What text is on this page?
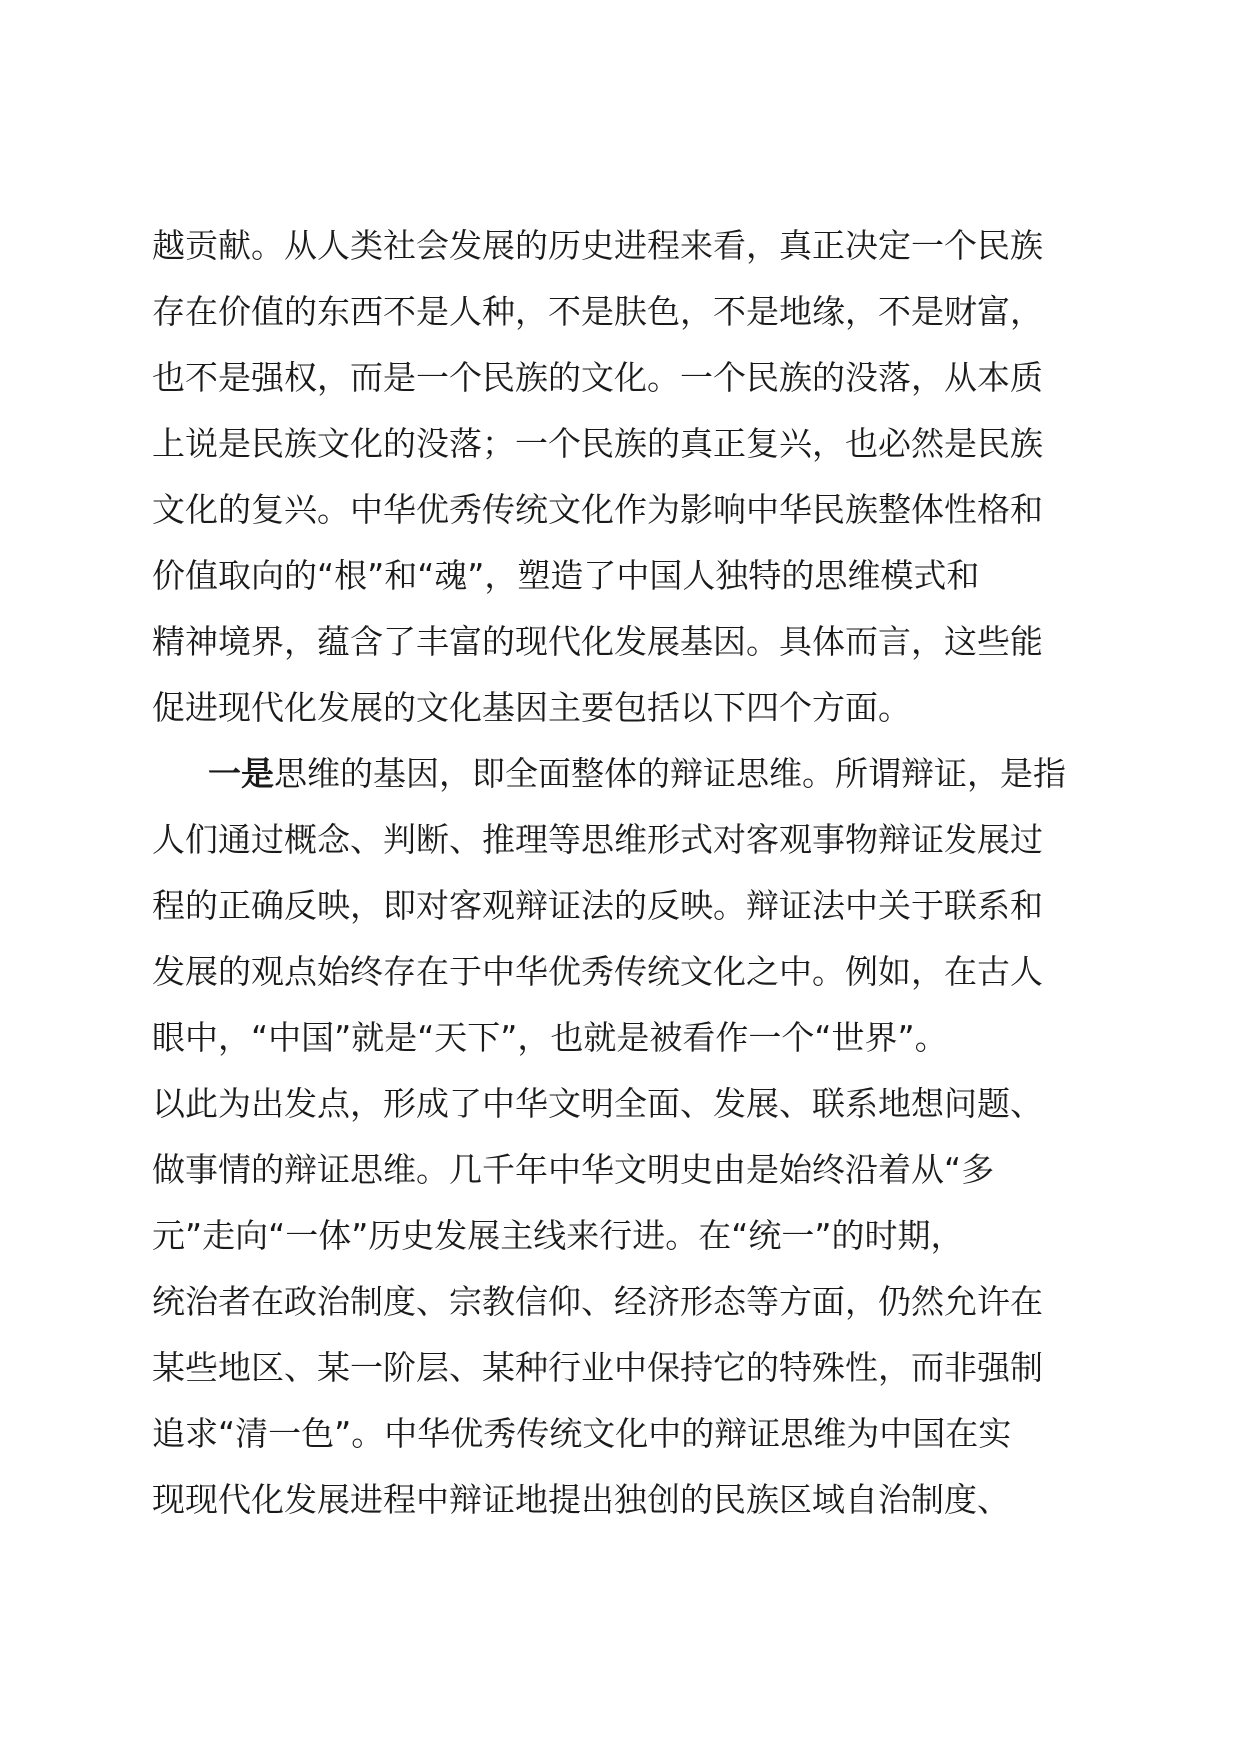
越贡献。从人类社会发展的历史进程来看，真正决定一个民族
存在价值的东西不是人种，不是肤色，不是地缘，不是财富，
也不是强权，而是一个民族的文化。一个民族的没落，从本质
上说是民族文化的没落；一个民族的真正复兴，也必然是民族
文化的复兴。中华优秀传统文化作为影响中华民族整体性格和
价值取向的“根”和“魂”，塑造了中国人独特的思维模式和
精神境界，蕴含了丰富的现代化发展基因。具体而言，这些能
促进现代化发展的文化基因主要包括以下四个方面。
一是思维的基因，即全面整体的辩证思维。所谓辩证，是指
人们通过概念、判断、推理等思维形式对客观事物辩证发展过
程的正确反映，即对客观辩证法的反映。辩证法中关于联系和
发展的观点始终存在于中华优秀传统文化之中。例如，在古人
眼中，“中国”就是“天下”，也就是被看作一个“世界”。
以此为出发点，形成了中华文明全面、发展、联系地想问题、
做事情的辩证思维。几千年中华文明史由是始终沿着从“多
元”走向“一体”历史发展主线来行进。在“统一”的时期，
统治者在政治制度、宗教信仰、经济形态等方面，仍然允许在
某些地区、某一阶层、某种行业中保持它的特殊性，而非强制
追求“清一色”。中华优秀传统文化中的辩证思维为中国在实
现现代化发展进程中辩证地提出独创的民族区域自治制度、
